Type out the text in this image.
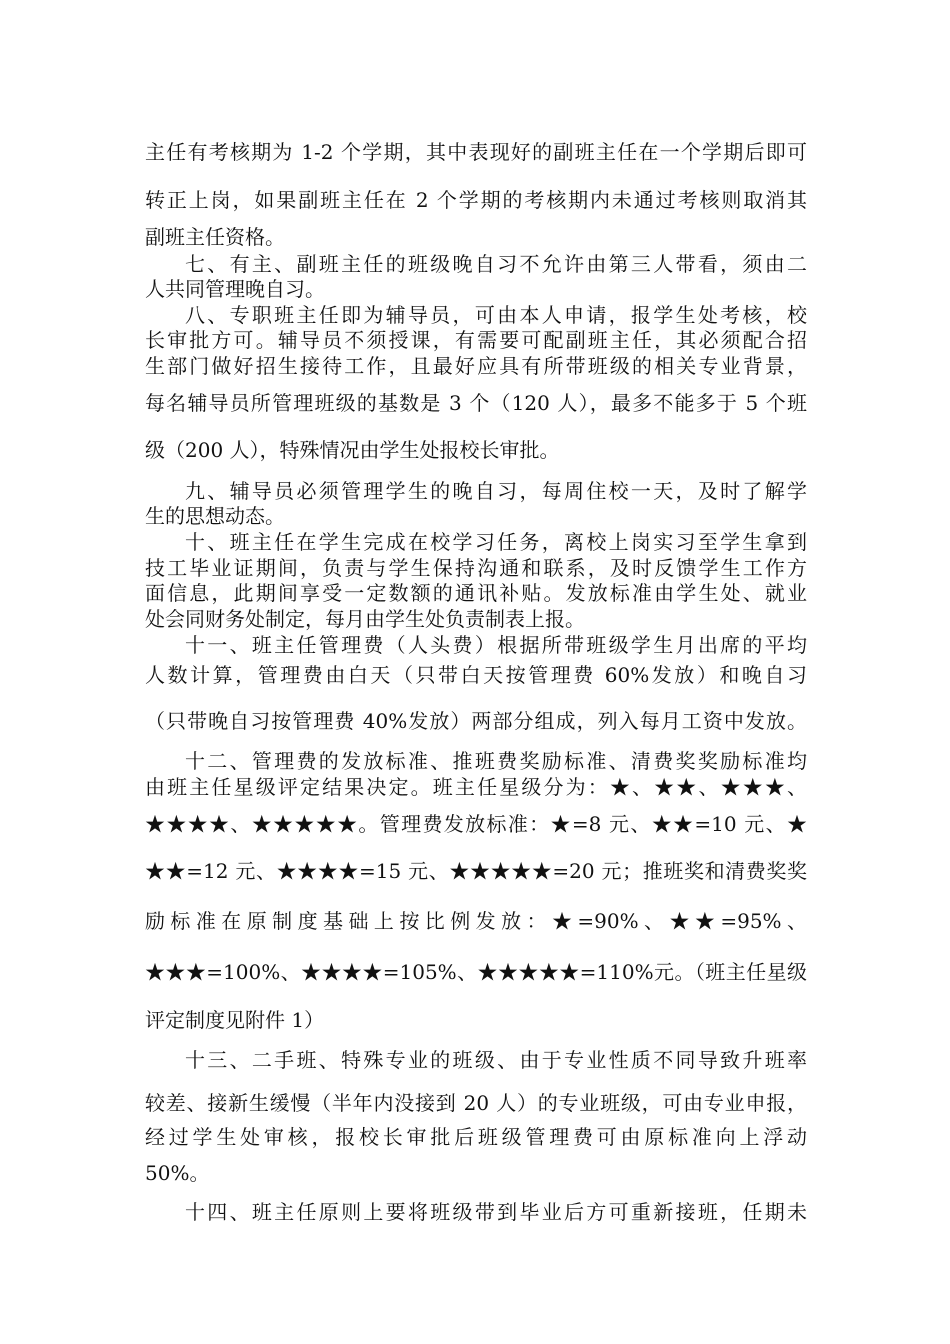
主任有考核期为 1-2 个学期，其中表现好的副班主任在一个学期后即可
转正上岗，如果副班主任在 2 个学期的考核期内未通过考核则取消其
副班主任资格。
七、有主、副班主任的班级晚自习不允许由第三人带看，须由二
人共同管理晚自习。
八、专职班主任即为辅导员，可由本人申请，报学生处考核，校
长审批方可。辅导员不须授课，有需要可配副班主任，其必须配合招
生部门做好招生接待工作，且最好应具有所带班级的相关专业背景，
每名辅导员所管理班级的基数是 3 个（120 人），最多不能多于 5 个班
级（200 人），特殊情况由学生处报校长审批。
九、辅导员必须管理学生的晚自习，每周住校一天，及时了解学
生的思想动态。
十、班主任在学生完成在校学习任务，离校上岗实习至学生拿到
技工毕业证期间，负责与学生保持沟通和联系，及时反馈学生工作方
面信息，此期间享受一定数额的通讯补贴。发放标准由学生处、就业
处会同财务处制定，每月由学生处负责制表上报。
十一、班主任管理费（人头费）根据所带班级学生月出席的平均
人数计算，管理费由白天（只带白天按管理费 60%发放）和晚自习
（只带晚自习按管理费 40%发放）两部分组成，列入每月工资中发放。
十二、管理费的发放标准、推班费奖励标准、清费奖奖励标准均
由班主任星级评定结果决定。班主任星级分为：★、★★、★★★、
★★★★、★★★★★。管理费发放标准：★=8 元、★★=10 元、★
★★=12 元、★★★★=15 元、★★★★★=20 元；推班奖和清费奖奖
励标准在原制度基础上按比例发放：★=90%、★★=95%、
★★★=100%、★★★★=105%、★★★★★=110%元。（班主任星级
评定制度见附件 1）
十三、二手班、特殊专业的班级、由于专业性质不同导致升班率
较差、接新生缓慢（半年内没接到 20 人）的专业班级，可由专业申报，
经过学生处审核，报校长审批后班级管理费可由原标准向上浮动
50%。
十四、班主任原则上要将班级带到毕业后方可重新接班，任期未
